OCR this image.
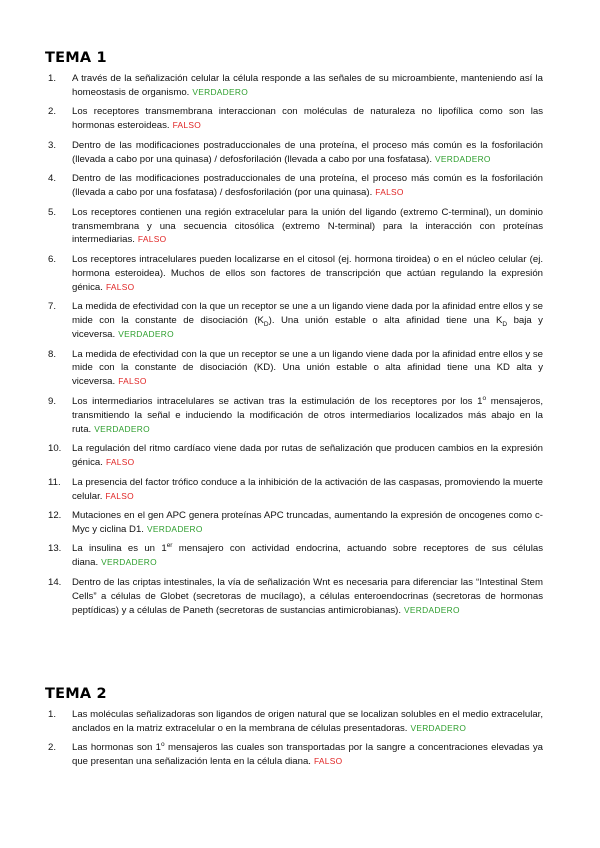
TEMA 1
1.	A través de la señalización celular la célula responde a las señales de su microambiente, manteniendo así la homeostasis de organismo. VERDADERO
2.	Los receptores transmembrana interaccionan con moléculas de naturaleza no lipofílica como son las hormonas esteroideas. FALSO
3.	Dentro de las modificaciones postraduccionales de una proteína, el proceso más común es la fosforilación (llevada a cabo por una quinasa) / defosforilación (llevada a cabo por una fosfatasa). VERDADERO
4.	Dentro de las modificaciones postraduccionales de una proteína, el proceso más común es la fosforilación (llevada a cabo por una fosfatasa) / desfosforilación (por una quinasa). FALSO
5.	Los receptores contienen una región extracelular para la unión del ligando (extremo C-terminal), un dominio transmembrana y una secuencia citosólica (extremo N-terminal) para la interacción con proteínas intermediarias. FALSO
6.	Los receptores intracelulares pueden localizarse en el citosol (ej. hormona tiroidea) o en el núcleo celular (ej. hormona esteroidea). Muchos de ellos son factores de transcripción que actúan regulando la expresión génica. FALSO
7.	La medida de efectividad con la que un receptor se une a un ligando viene dada por la afinidad entre ellos y se mide con la constante de disociación $(K_D)$. Una unión estable o alta afinidad tiene una $K_D$ baja y viceversa. VERDADERO
8.	La medida de efectividad con la que un receptor se une a un ligando viene dada por la afinidad entre ellos y se mide con la constante de disociación (KD). Una unión estable o alta afinidad tiene una KD alta y viceversa. FALSO
9.	Los intermediarios intracelulares se activan tras la estimulación de los receptores por los 1$^o$ mensajeros, transmitiendo la señal e induciendo la modificación de otros intermediarios localizados más abajo en la ruta. VERDADERO
10.	La regulación del ritmo cardíaco viene dada por rutas de señalización que producen cambios en la expresión génica. FALSO
11.	La presencia del factor trófico conduce a la inhibición de la activación de las caspasas, promoviendo la muerte celular. FALSO
12.	Mutaciones en el gen APC genera proteínas APC truncadas, aumentando la expresión de oncogenes como c-Myc y ciclina D1. VERDADERO
13.	La insulina es un 1er mensajero con actividad endocrina, actuando sobre receptores de sus células diana. VERDADERO
14.	Dentro de las criptas intestinales, la vía de señalización Wnt es necesaria para diferenciar las “Intestinal Stem Cells” a células de Globet (secretoras de mucílago), a células enteroendocrinas (secretoras de hormonas peptídicas) y a células de Paneth (secretoras de sustancias antimicrobianas). VERDADERO
TEMA 2
1.	Las moléculas señalizadoras son ligandos de origen natural que se localizan solubles en el medio extracelular, anclados en la matriz extracelular o en la membrana de células presentadoras. VERDADERO
2.	Las hormonas son 1$^o$ mensajeros las cuales son transportadas por la sangre a concentraciones elevadas ya que presentan una señalización lenta en la célula diana. FALSO
